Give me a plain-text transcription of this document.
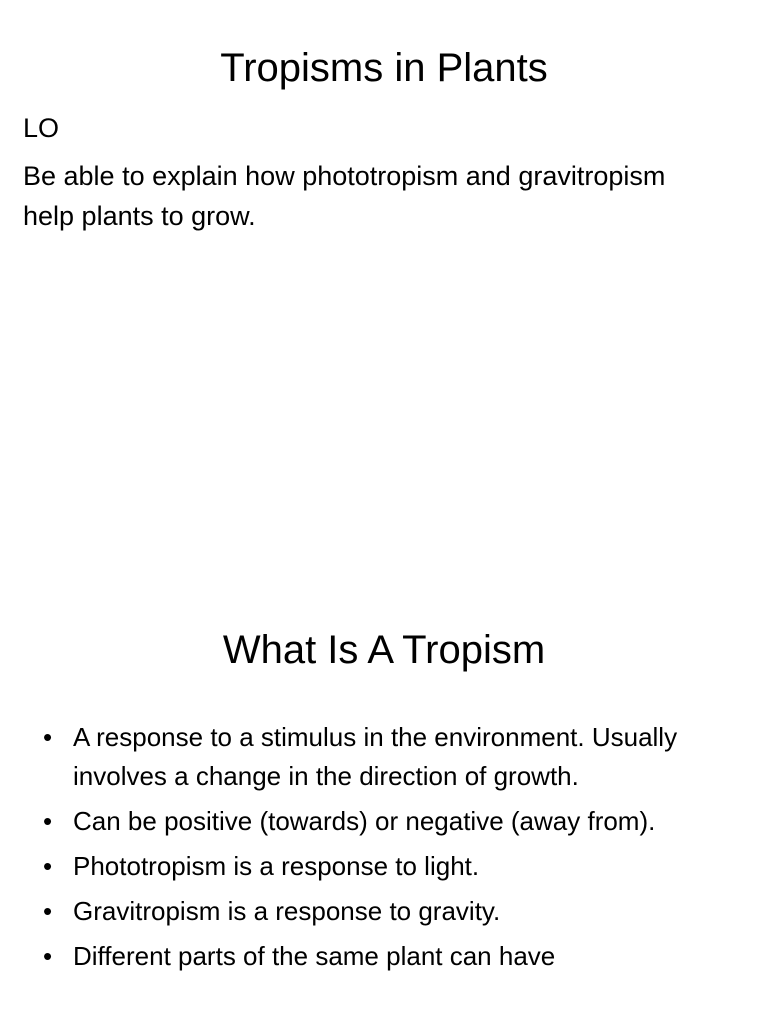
Tropisms in Plants

LO

Be able to explain how phototropism and gravitropism help plants to grow.

What Is A Tropism
• A response to a stimulus in the environment. Usually involves a change in the direction of growth.
• Can be positive (towards) or negative (away from).
• Phototropism is a response to light.
• Gravitropism is a response to gravity.
• Different parts of the same plant can have
